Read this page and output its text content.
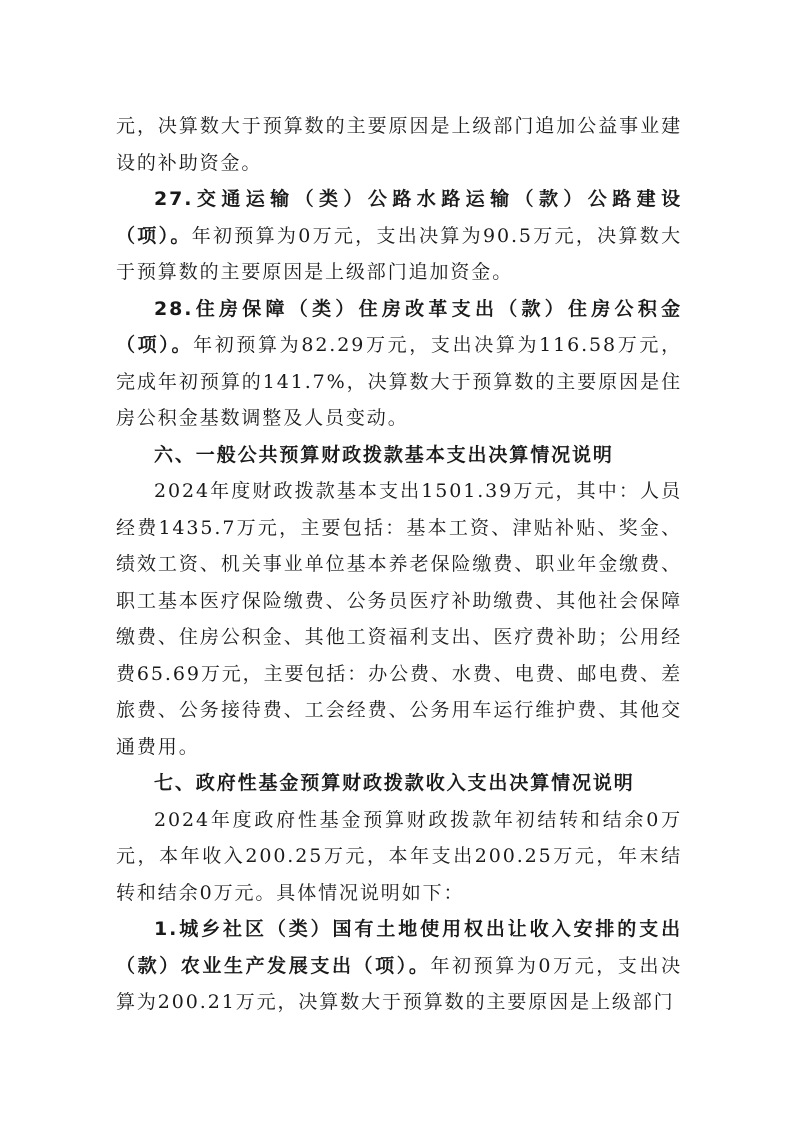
元，决算数大于预算数的主要原因是上级部门追加公益事业建设的补助资金。

27.交通运输（类）公路水路运输（款）公路建设（项）。年初预算为0万元，支出决算为90.5万元，决算数大于预算数的主要原因是上级部门追加资金。

28.住房保障（类）住房改革支出（款）住房公积金（项）。年初预算为82.29万元，支出决算为116.58万元，完成年初预算的141.7%，决算数大于预算数的主要原因是住房公积金基数调整及人员变动。

六、一般公共预算财政拨款基本支出决算情况说明

2024年度财政拨款基本支出1501.39万元，其中：人员经费1435.7万元，主要包括：基本工资、津贴补贴、奖金、绩效工资、机关事业单位基本养老保险缴费、职业年金缴费、职工基本医疗保险缴费、公务员医疗补助缴费、其他社会保障缴费、住房公积金、其他工资福利支出、医疗费补助；公用经费65.69万元，主要包括：办公费、水费、电费、邮电费、差旅费、公务接待费、工会经费、公务用车运行维护费、其他交通费用。

七、政府性基金预算财政拨款收入支出决算情况说明

2024年度政府性基金预算财政拨款年初结转和结余0万元，本年收入200.25万元，本年支出200.25万元，年末结转和结余0万元。具体情况说明如下：

1.城乡社区（类）国有土地使用权出让收入安排的支出（款）农业生产发展支出（项）。年初预算为0万元，支出决算为200.21万元，决算数大于预算数的主要原因是上级部门
